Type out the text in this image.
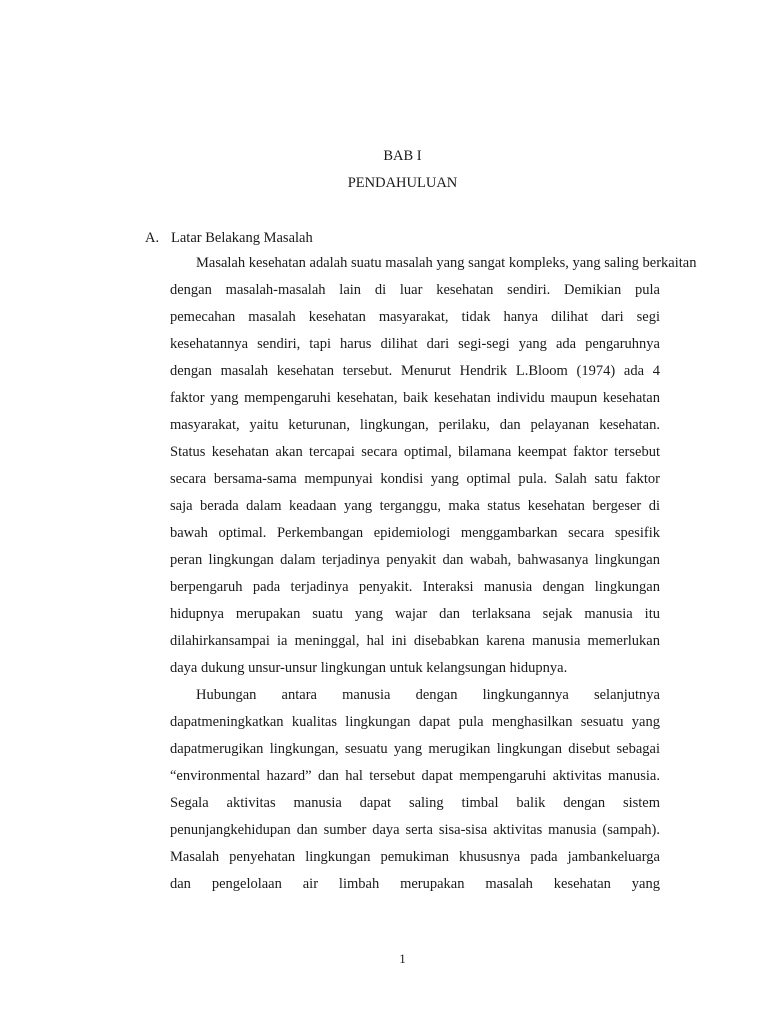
BAB I
PENDAHULUAN
A. Latar Belakang Masalah
Masalah kesehatan adalah suatu masalah yang sangat kompleks, yang saling berkaitan
dengan masalah-masalah lain di luar kesehatan sendiri. Demikian pula
pemecahan masalah kesehatan masyarakat, tidak hanya dilihat dari segi
kesehatannya sendiri, tapi harus dilihat dari segi-segi yang ada pengaruhnya
dengan masalah kesehatan tersebut. Menurut Hendrik L.Bloom (1974) ada 4
faktor yang mempengaruhi kesehatan, baik kesehatan individu maupun kesehatan
masyarakat, yaitu keturunan, lingkungan, perilaku, dan pelayanan kesehatan.
Status kesehatan akan tercapai secara optimal, bilamana keempat faktor tersebut
secara bersama-sama mempunyai kondisi yang optimal pula. Salah satu faktor
saja berada dalam keadaan yang terganggu, maka status kesehatan bergeser di
bawah optimal. Perkembangan epidemiologi menggambarkan secara spesifik
peran lingkungan dalam terjadinya penyakit dan wabah, bahwasanya lingkungan
berpengaruh pada terjadinya penyakit. Interaksi manusia dengan lingkungan
hidupnya merupakan suatu yang wajar dan terlaksana sejak manusia itu
dilahirkansampai ia meninggal, hal ini disebabkan karena manusia memerlukan
daya dukung unsur-unsur lingkungan untuk kelangsungan hidupnya.
Hubungan antara manusia dengan lingkungannya selanjutnya
dapatmeningkatkan kualitas lingkungan dapat pula menghasilkan sesuatu yang
dapatmerugikan lingkungan, sesuatu yang merugikan lingkungan disebut sebagai
“environmental hazard” dan hal tersebut dapat mempengaruhi aktivitas manusia.
Segala aktivitas manusia dapat saling timbal balik dengan sistem
penunjangkehidupan dan sumber daya serta sisa-sisa aktivitas manusia (sampah).
Masalah penyehatan lingkungan pemukiman khususnya pada jambankeluarga
dan pengelolaan air limbah merupakan masalah kesehatan yang
1
